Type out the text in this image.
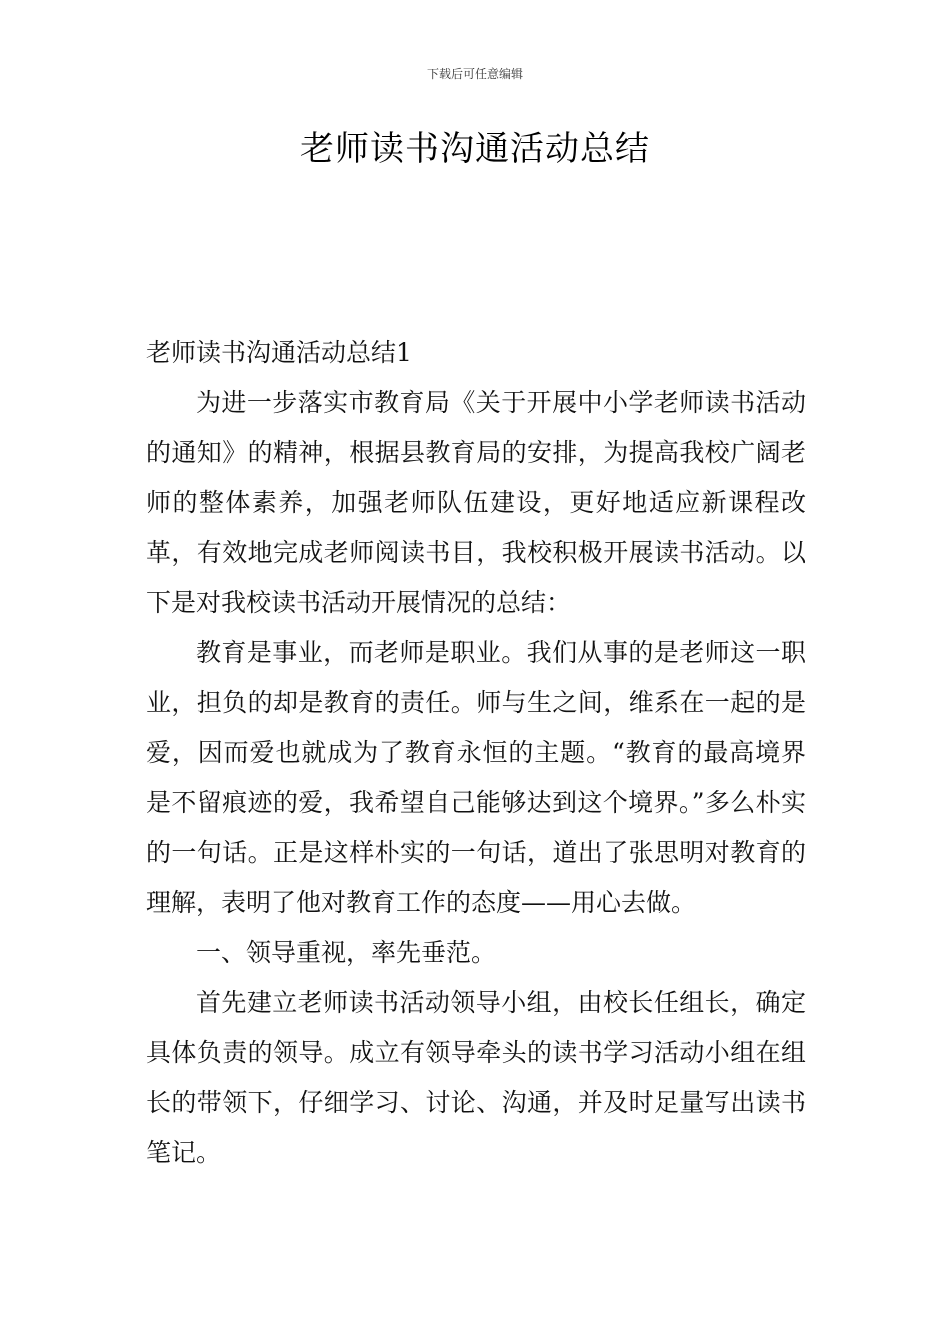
下载后可任意编辑
老师读书沟通活动总结

老师读书沟通活动总结1

为进一步落实市教育局《关于开展中小学老师读书活动的通知》的精神，根据县教育局的安排，为提高我校广阔老师的整体素养，加强老师队伍建设，更好地适应新课程改革，有效地完成老师阅读书目，我校积极开展读书活动。以下是对我校读书活动开展情况的总结：

教育是事业，而老师是职业。我们从事的是老师这一职业，担负的却是教育的责任。师与生之间，维系在一起的是爱，因而爱也就成为了教育永恒的主题。“教育的最高境界是不留痕迹的爱，我希望自己能够达到这个境界。”多么朴实的一句话。正是这样朴实的一句话，道出了张思明对教育的理解，表明了他对教育工作的态度——用心去做。

一、领导重视，率先垂范。

首先建立老师读书活动领导小组，由校长任组长，确定具体负责的领导。成立有领导牵头的读书学习活动小组在组长的带领下，仔细学习、讨论、沟通，并及时足量写出读书笔记。
